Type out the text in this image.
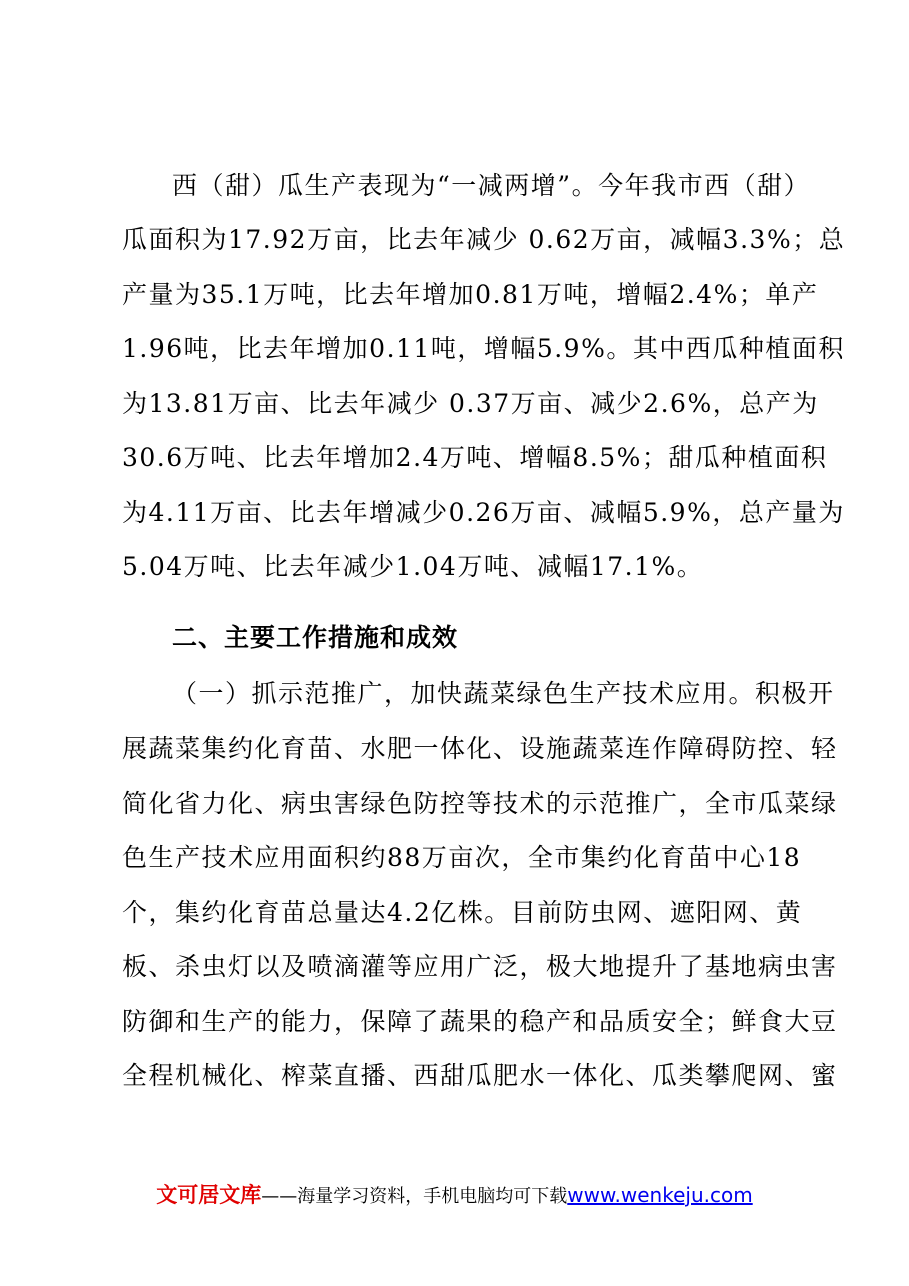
西（甜）瓜生产表现为“一减两增”。今年我市西（甜）
瓜面积为17.92万亩，比去年减少 0.62万亩，减幅3.3%；总
产量为35.1万吨，比去年增加0.81万吨，增幅2.4%；单产
1.96吨，比去年增加0.11吨，增幅5.9%。其中西瓜种植面积
为13.81万亩、比去年减少 0.37万亩、减少2.6%，总产为
30.6万吨、比去年增加2.4万吨、增幅8.5%；甜瓜种植面积
为4.11万亩、比去年增减少0.26万亩、减幅5.9%，总产量为
5.04万吨、比去年减少1.04万吨、减幅17.1%。
二、主要工作措施和成效
（一）抓示范推广，加快蔬菜绿色生产技术应用。积极开
展蔬菜集约化育苗、水肥一体化、设施蔬菜连作障碍防控、轻
简化省力化、病虫害绿色防控等技术的示范推广，全市瓜菜绿
色生产技术应用面积约88万亩次，全市集约化育苗中心18
个，集约化育苗总量达4.2亿株。目前防虫网、遮阳网、黄
板、杀虫灯以及喷滴灌等应用广泛，极大地提升了基地病虫害
防御和生产的能力，保障了蔬果的稳产和品质安全；鲜食大豆
全程机械化、榨菜直播、西甜瓜肥水一体化、瓜类攀爬网、蜜
文可居文库——海量学习资料，手机电脑均可下载www.wenkeju.com
